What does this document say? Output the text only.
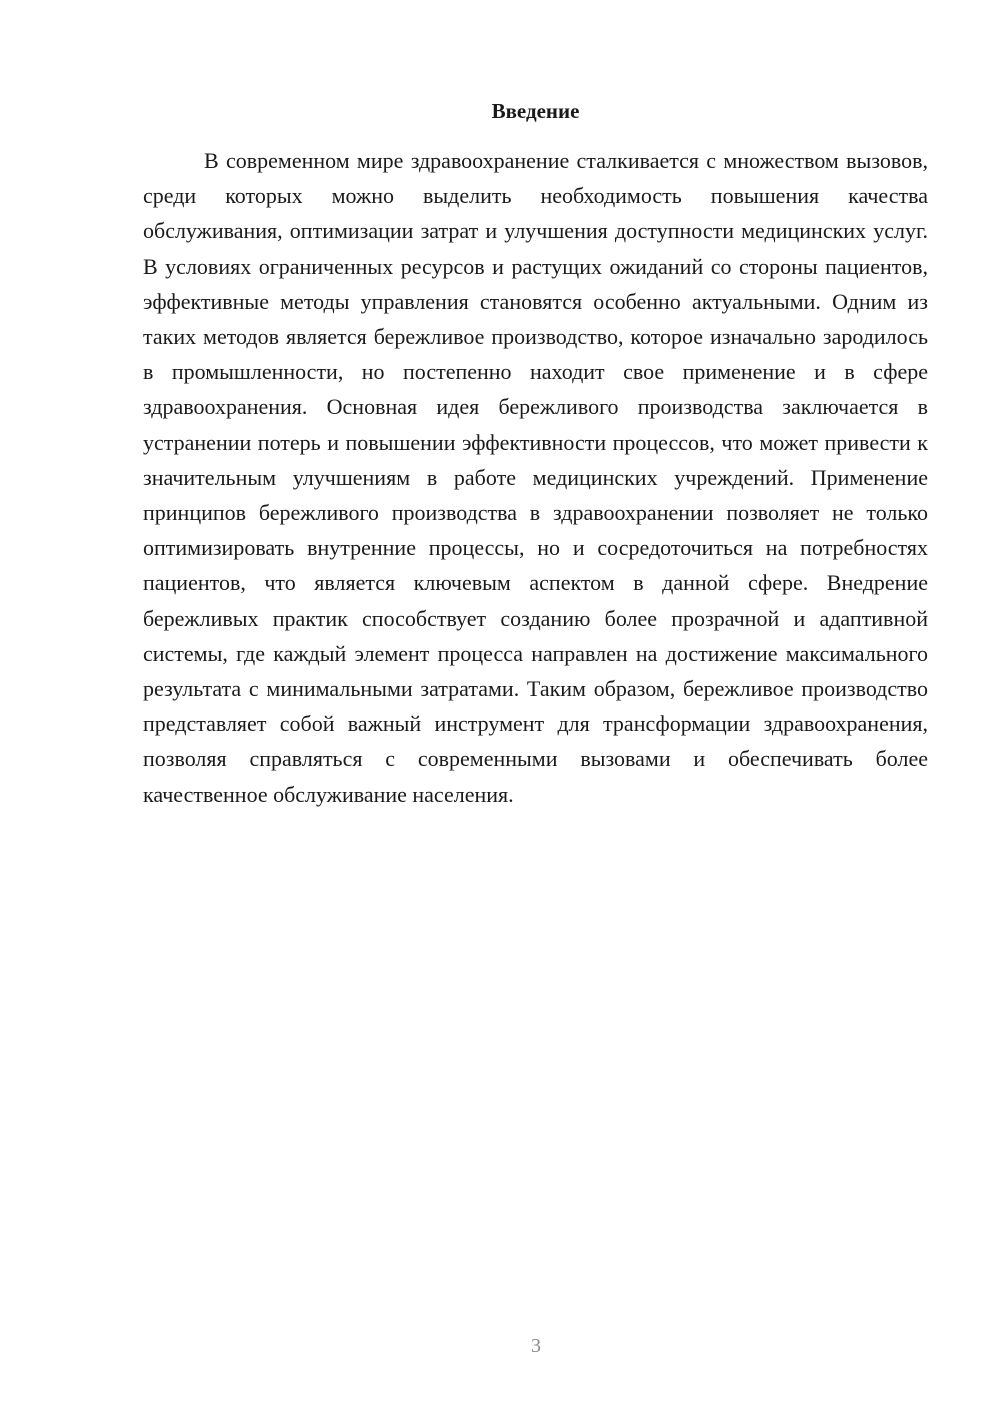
Введение

В современном мире здравоохранение сталкивается с множеством вызовов, среди которых можно выделить необходимость повышения качества обслуживания, оптимизации затрат и улучшения доступности медицинских услуг. В условиях ограниченных ресурсов и растущих ожиданий со стороны пациентов, эффективные методы управления становятся особенно актуальными. Одним из таких методов является бережливое производство, которое изначально зародилось в промышленности, но постепенно находит свое применение и в сфере здравоохранения. Основная идея бережливого производства заключается в устранении потерь и повышении эффективности процессов, что может привести к значительным улучшениям в работе медицинских учреждений. Применение принципов бережливого производства в здравоохранении позволяет не только оптимизировать внутренние процессы, но и сосредоточиться на потребностях пациентов, что является ключевым аспектом в данной сфере. Внедрение бережливых практик способствует созданию более прозрачной и адаптивной системы, где каждый элемент процесса направлен на достижение максимального результата с минимальными затратами. Таким образом, бережливое производство представляет собой важный инструмент для трансформации здравоохранения, позволяя справляться с современными вызовами и обеспечивать более качественное обслуживание населения.

3
